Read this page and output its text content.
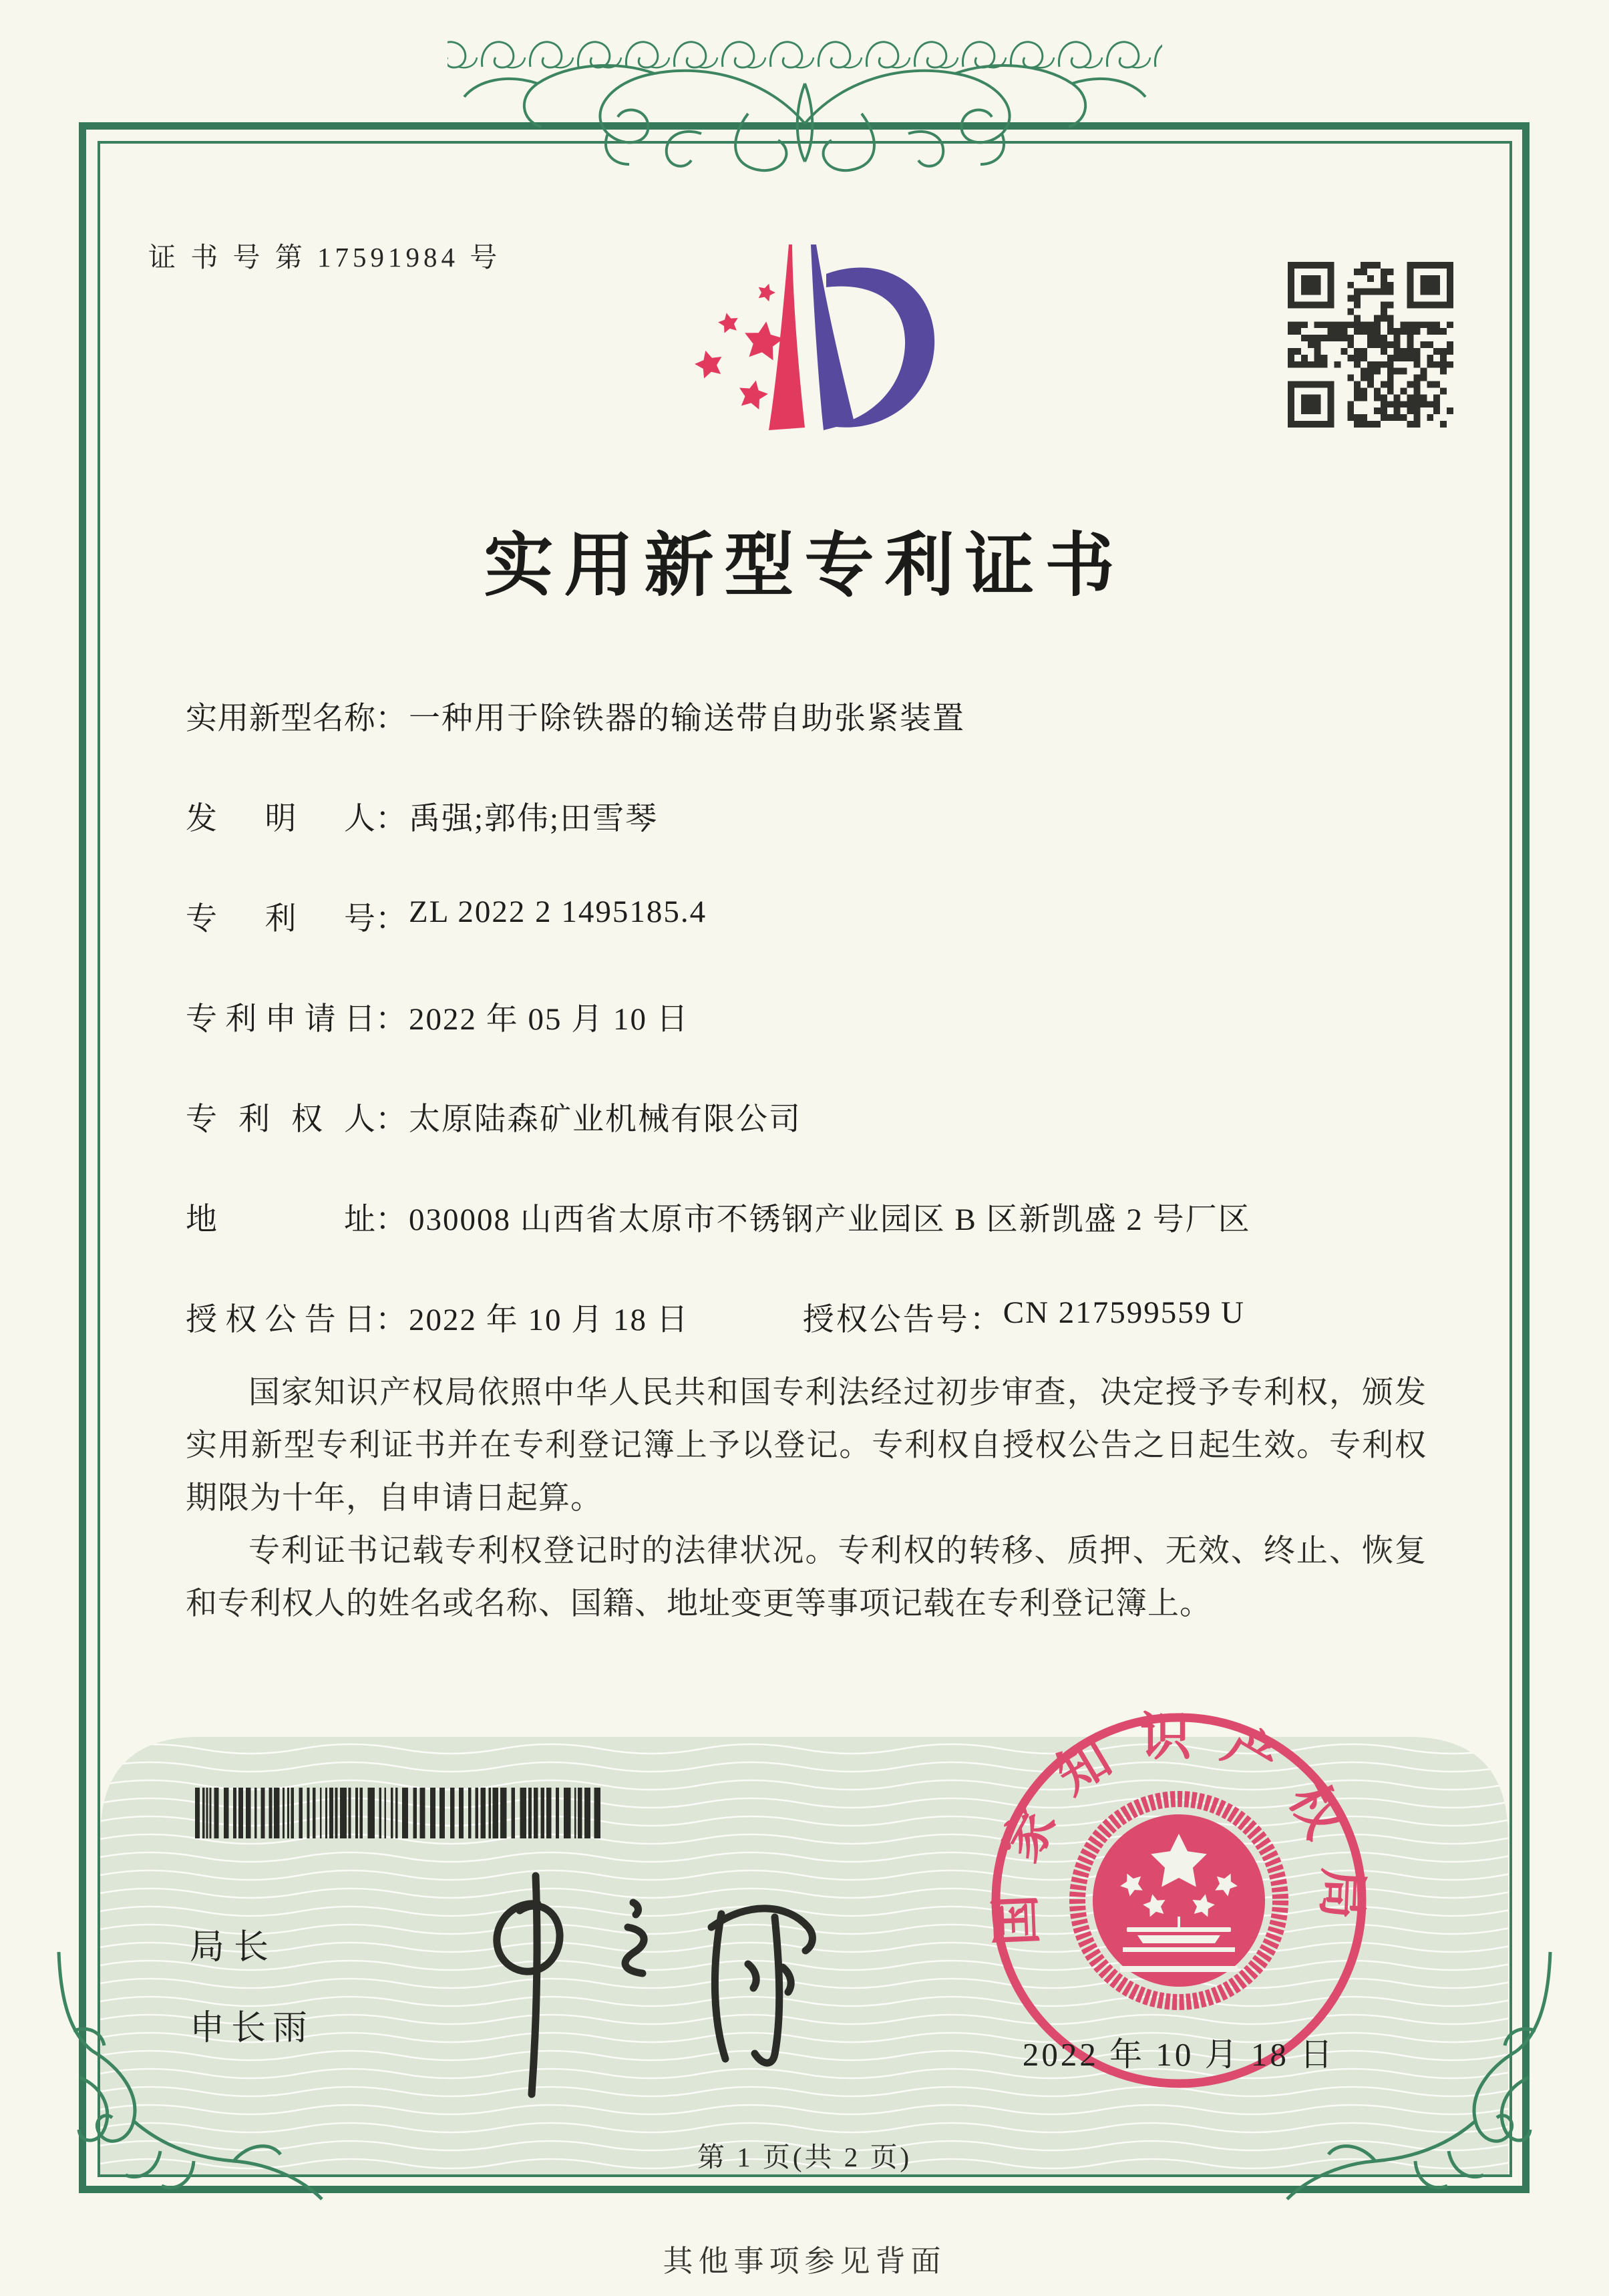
证 书 号 第 17591984 号
实用新型专利证书
实用新型名称：一种用于除铁器的输送带自助张紧装置
发明人：禹强;郭伟;田雪琴
专利号：ZL 2022 2 1495185.4
专利申请日：2022 年 05 月 10 日
专利权人：太原陆森矿业机械有限公司
地址：030008 山西省太原市不锈钢产业园区 B 区新凯盛 2 号厂区
授权公告日：2022 年 10 月 18 日	授权公告号：CN 217599559 U

国家知识产权局依照中华人民共和国专利法经过初步审查，决定授予专利权，颁发实用新型专利证书并在专利登记簿上予以登记。专利权自授权公告之日起生效。专利权期限为十年，自申请日起算。

专利证书记载专利权登记时的法律状况。专利权的转移、质押、无效、终止、恢复和专利权人的姓名或名称、国籍、地址变更等事项记载在专利登记簿上。

局长
申长雨
国家知识产权局
2022 年 10 月 18 日
第 1 页(共 2 页)
其他事项参见背面
